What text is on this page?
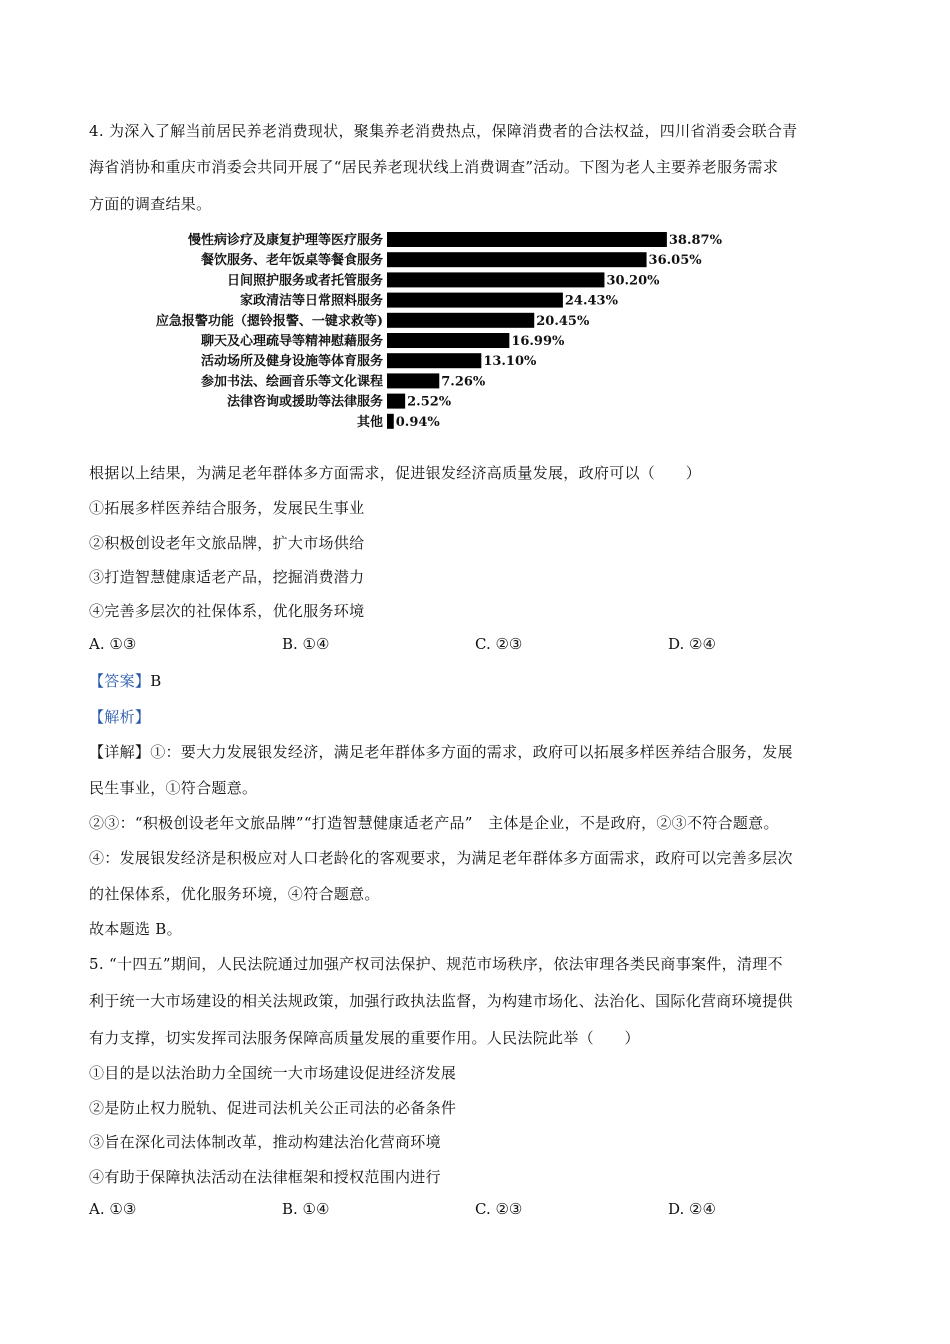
4. 为深入了解当前居民养老消费现状，聚集养老消费热点，保障消费者的合法权益，四川省消委会联合青
海省消协和重庆市消委会共同开展了“居民养老现状线上消费调查”活动。下图为老人主要养老服务需求
方面的调查结果。
慢性病诊疗及康复护理等医疗服务	38.87%
餐饮服务、老年饭桌等餐食服务	36.05%
日间照护服务或者托管服务	30.20%
家政清洁等日常照料服务	24.43%
应急报警功能（摁铃报警、一键求救等)	20.45%
聊天及心理疏导等精神慰藉服务	16.99%
活动场所及健身设施等体育服务	13.10%
参加书法、绘画音乐等文化课程	7.26%
法律咨询或援助等法律服务 2.52%
其他 0.94%
根据以上结果，为满足老年群体多方面需求，促进银发经济高质量发展，政府可以（　　）
①拓展多样医养结合服务，发展民生事业
②积极创设老年文旅品牌，扩大市场供给
③打造智慧健康适老产品，挖掘消费潜力
④完善多层次的社保体系，优化服务环境
A. ①③	B. ①④	C. ②③	D. ②④
【答案】B
【解析】
【详解】①：要大力发展银发经济，满足老年群体多方面的需求，政府可以拓展多样医养结合服务，发展
民生事业，①符合题意。
②③：“积极创设老年文旅品牌”“打造智慧健康适老产品”　主体是企业，不是政府，②③不符合题意。
④：发展银发经济是积极应对人口老龄化的客观要求，为满足老年群体多方面需求，政府可以完善多层次
的社保体系，优化服务环境，④符合题意。
故本题选 B。
5. “十四五”期间，人民法院通过加强产权司法保护、规范市场秩序，依法审理各类民商事案件，清理不
利于统一大市场建设的相关法规政策，加强行政执法监督，为构建市场化、法治化、国际化营商环境提供
有力支撑，切实发挥司法服务保障高质量发展的重要作用。人民法院此举（　　）
①目的是以法治助力全国统一大市场建设促进经济发展
②是防止权力脱轨、促进司法机关公正司法的必备条件
③旨在深化司法体制改革，推动构建法治化营商环境
④有助于保障执法活动在法律框架和授权范围内进行
A. ①③	B. ①④	C. ②③	D. ②④
